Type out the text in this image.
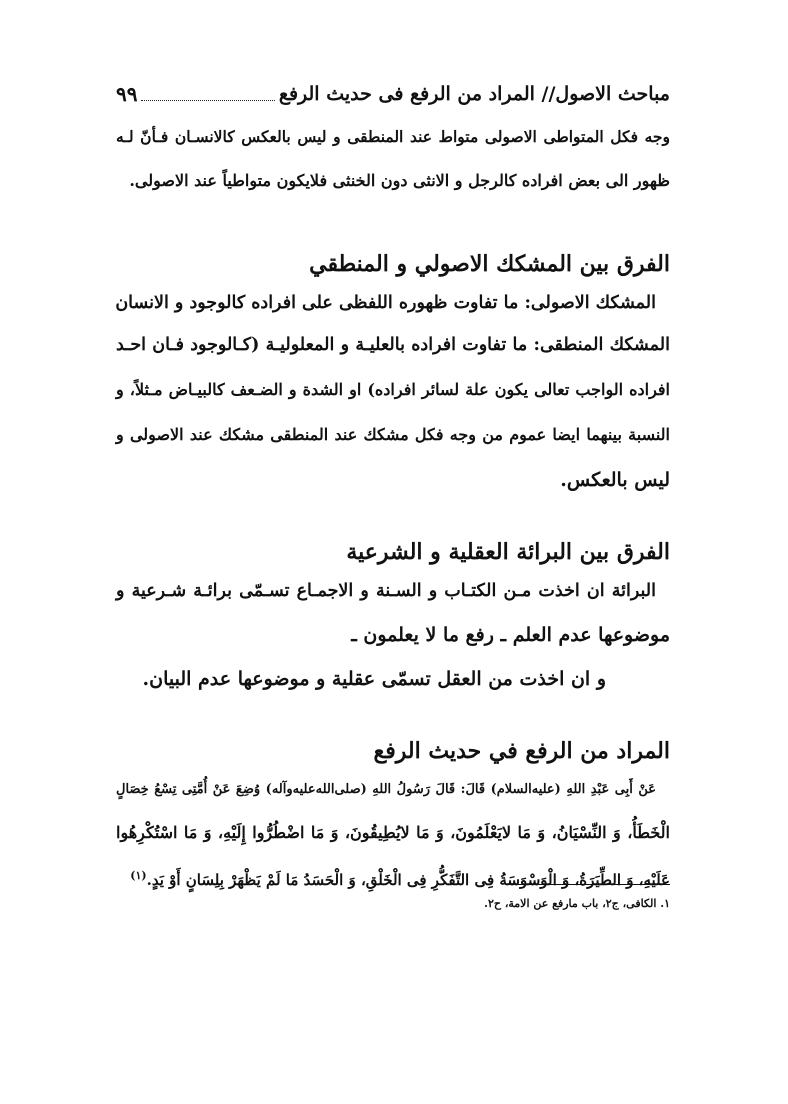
مباحث الاصول// المراد من الرفع فی حدیث الرفع
۹۹
وجه فكل المتواطى الاصولى متواط عند المنطقى و ليس بالعكس كالانسـان فـأنّ لـه
ظهور الى بعض افراده كالرجل و الانثى دون الخنثى فلايكون متواطياً عند الاصولى.
الفرق بين المشكك الاصولي و المنطقي
المشكك الاصولى: ما تفاوت ظهوره اللفظى على افراده كالوجود و الانسان
المشكك المنطقى: ما تفاوت افراده بالعليـة و المعلوليـة (كـالوجود فـان احـد
افراده الواجب تعالى يكون علة لسائر افراده) او الشدة و الضـعف كالبيـاض مـثلاً، و
النسبة بينهما ايضا عموم من وجه فكل مشكك عند المنطقى مشكك عند الاصولى و
ليس بالعكس.
الفرق بين البرائة العقلية و الشرعية
البرائة ان اخذت مـن الكتـاب و السـنة و الاجمـاع تسـمّى برائـة شـرعية و
موضوعها عدم العلم ـ رفع ما لا يعلمون ـ
و ان اخذت من العقل تسمّى عقلية و موضوعها عدم البيان.
المراد من الرفع في حديث الرفع
عَنْ أَبِى عَبْدِ اللهِ (علیه‌السلام) قَالَ: قَالَ رَسُولُ اللهِ (صلی‌الله‌علیه‌وآله) وُضِعَ عَنْ أُمَّتِى تِسْعُ خِصَالٍ
الْخَطَأُ، وَ النِّسْيَانُ، وَ مَا لايَعْلَمُونَ، وَ مَا لايُطِيقُونَ، وَ مَا اضْطُرُّوا إِلَيْهِ، وَ مَا اسْتُكْرِهُوا
عَلَيْهِ، وَ الطِّيَرَةُ، وَ الْوَسْوَسَةُ فِى التَّفَكُّرِ فِى الْخَلْقِ، وَ الْحَسَدُ مَا لَمْ يَظْهَرْ بِلِسَانٍ أَوْ يَدٍ.$^{(۱)}$
۱. الکافی، ج۲، باب مارفع عن الامة، ح۲.
